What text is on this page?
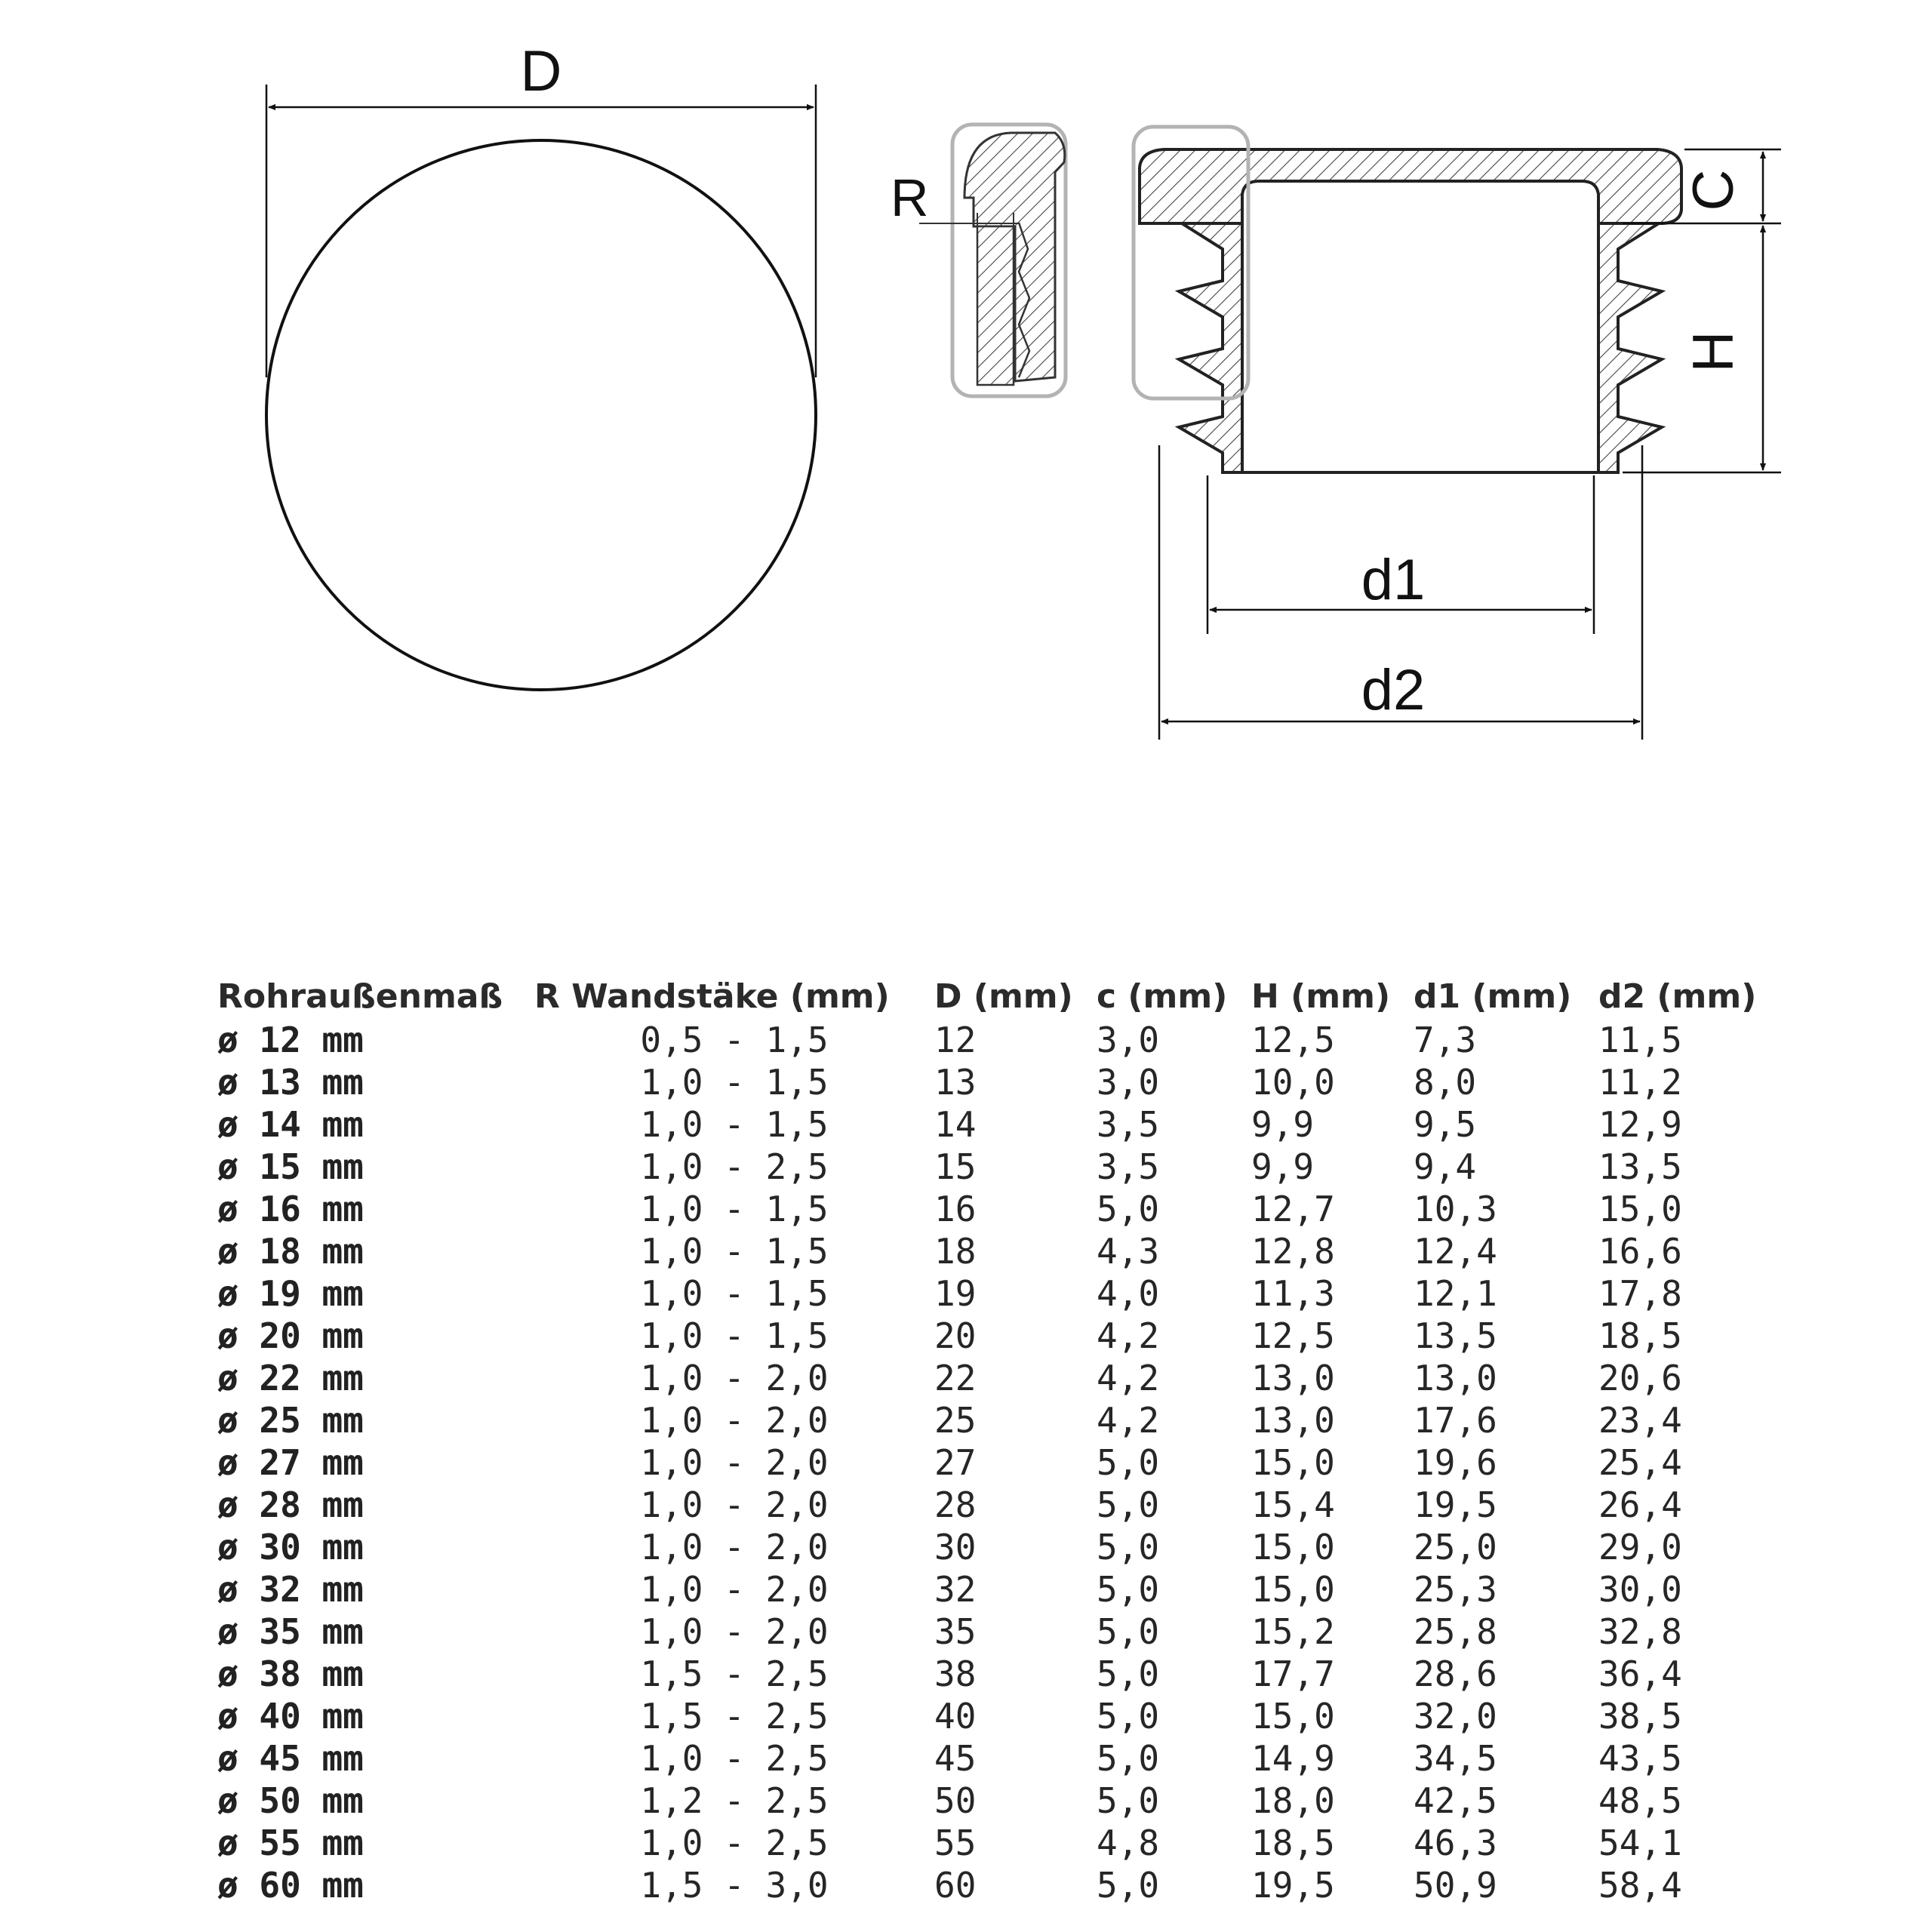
D
R	C
H
d1
d2
Rohraußenmaß	R Wandstäke (mm)	D (mm)	c (mm)	H (mm)	d1 (mm)	d2 (mm)
ø 12 mm	0,5 - 1,5	12	3,0	12,5	7,3	11,5
ø 13 mm	1,0 - 1,5	13	3,0	10,0	8,0	11,2
ø 14 mm	1,0 - 1,5	14	3,5	9,9	9,5	12,9
ø 15 mm	1,0 - 2,5	15	3,5	9,9	9,4	13,5
ø 16 mm	1,0 - 1,5	16	5,0	12,7	10,3	15,0
ø 18 mm	1,0 - 1,5	18	4,3	12,8	12,4	16,6
ø 19 mm	1,0 - 1,5	19	4,0	11,3	12,1	17,8
ø 20 mm	1,0 - 1,5	20	4,2	12,5	13,5	18,5
ø 22 mm	1,0 - 2,0	22	4,2	13,0	13,0	20,6
ø 25 mm	1,0 - 2,0	25	4,2	13,0	17,6	23,4
ø 27 mm	1,0 - 2,0	27	5,0	15,0	19,6	25,4
ø 28 mm	1,0 - 2,0	28	5,0	15,4	19,5	26,4
ø 30 mm	1,0 - 2,0	30	5,0	15,0	25,0	29,0
ø 32 mm	1,0 - 2,0	32	5,0	15,0	25,3	30,0
ø 35 mm	1,0 - 2,0	35	5,0	15,2	25,8	32,8
ø 38 mm	1,5 - 2,5	38	5,0	17,7	28,6	36,4
ø 40 mm	1,5 - 2,5	40	5,0	15,0	32,0	38,5
ø 45 mm	1,0 - 2,5	45	5,0	14,9	34,5	43,5
ø 50 mm	1,2 - 2,5	50	5,0	18,0	42,5	48,5
ø 55 mm	1,0 - 2,5	55	4,8	18,5	46,3	54,1
ø 60 mm	1,5 - 3,0	60	5,0	19,5	50,9	58,4
